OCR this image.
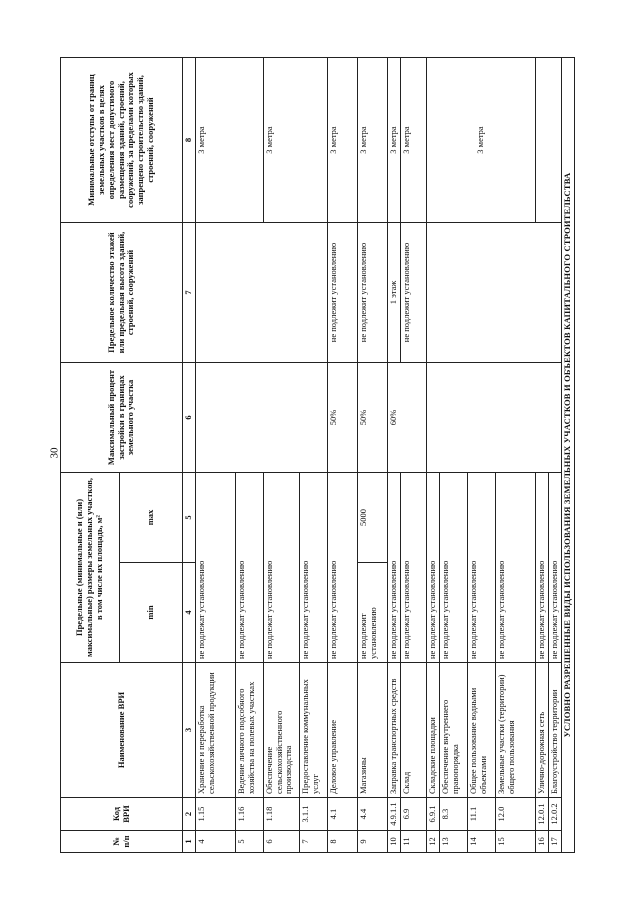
30
№ п/п	Код ВРИ	Наименование ВРИ	Предельные (минимальные и (или) максимальные) размеры земельных участков, в том числе их площадь, м²		Максимальный процент застройки в границах земельного участка	Предельное количество этажей или предельная высота зданий, строений, сооружений	Минимальные отступы от границ земельных участков в целях определения мест допустимого размещения зданий, строений, сооружений, за пределами которых запрещено строительство зданий, строений, сооружений
			min	max			
1	2	3	4	5	6	7	8
4	1.15	Хранение и переработка сельскохозяйственной продукции	не подлежат установлению				3 метра
5	1.16	Ведение личного подсобного хозяйства на полевых участках	не подлежат установлению				
6	1.18	Обеспечение сельскохозяйственного производства	не подлежат установлению				3 метра
7	3.1.1	Предоставление коммунальных услуг	не подлежат установлению				
8	4.1	Деловое управление	не подлежат установлению		50%	не подлежит установлению	3 метра
9	4.4	Магазины	не подлежит установлению	5000	50%	не подлежит установлению	3 метра
10	4.9.1.1	Заправка транспортных средств	не подлежат установлению		60%	1 этаж	3 метра
11	6.9	Склад	не подлежат установлению			не подлежит установлению	3 метра
12	6.9.1	Складские площадки	не подлежат установлению				3 метра
13	8.3	Обеспечение внутреннего правопорядка	не подлежат установлению				
14	11.1	Общее пользование водными объектами	не подлежат установлению				
15	12.0	Земельные участки (территории) общего пользования	не подлежат установлению				
16	12.0.1	Улично-дорожная сеть	не подлежат установлению				
17	12.0.2	Благоустройство территории	не подлежат установлению				
УСЛОВНО РАЗРЕШЕННЫЕ ВИДЫ ИСПОЛЬЗОВАНИЯ ЗЕМЕЛЬНЫХ УЧАСТКОВ И ОБЪЕКТОВ КАПИТАЛЬНОГО СТРОИТЕЛЬСТВА							
